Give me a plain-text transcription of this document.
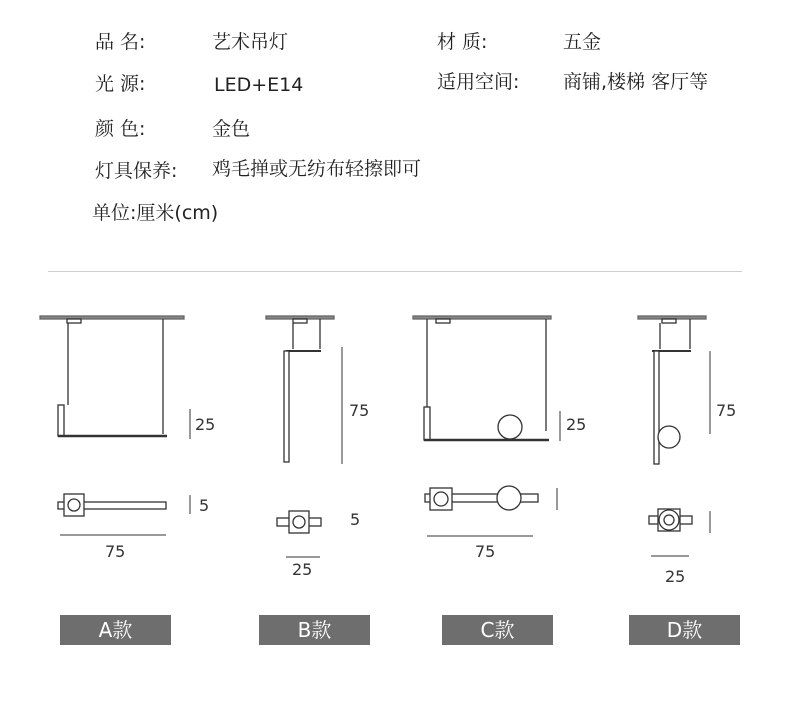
品 名:	艺术吊灯	材 质:	五金
光 源:	LED+E14	适用空间: 商铺,楼梯 客厅等
颜 色:	金色
灯具保养: 鸡毛掸或无纺布轻擦即可
单位:厘米(cm)
25
5
75
75
5
25
25
75
75
25
A款	B款	C款	D款
